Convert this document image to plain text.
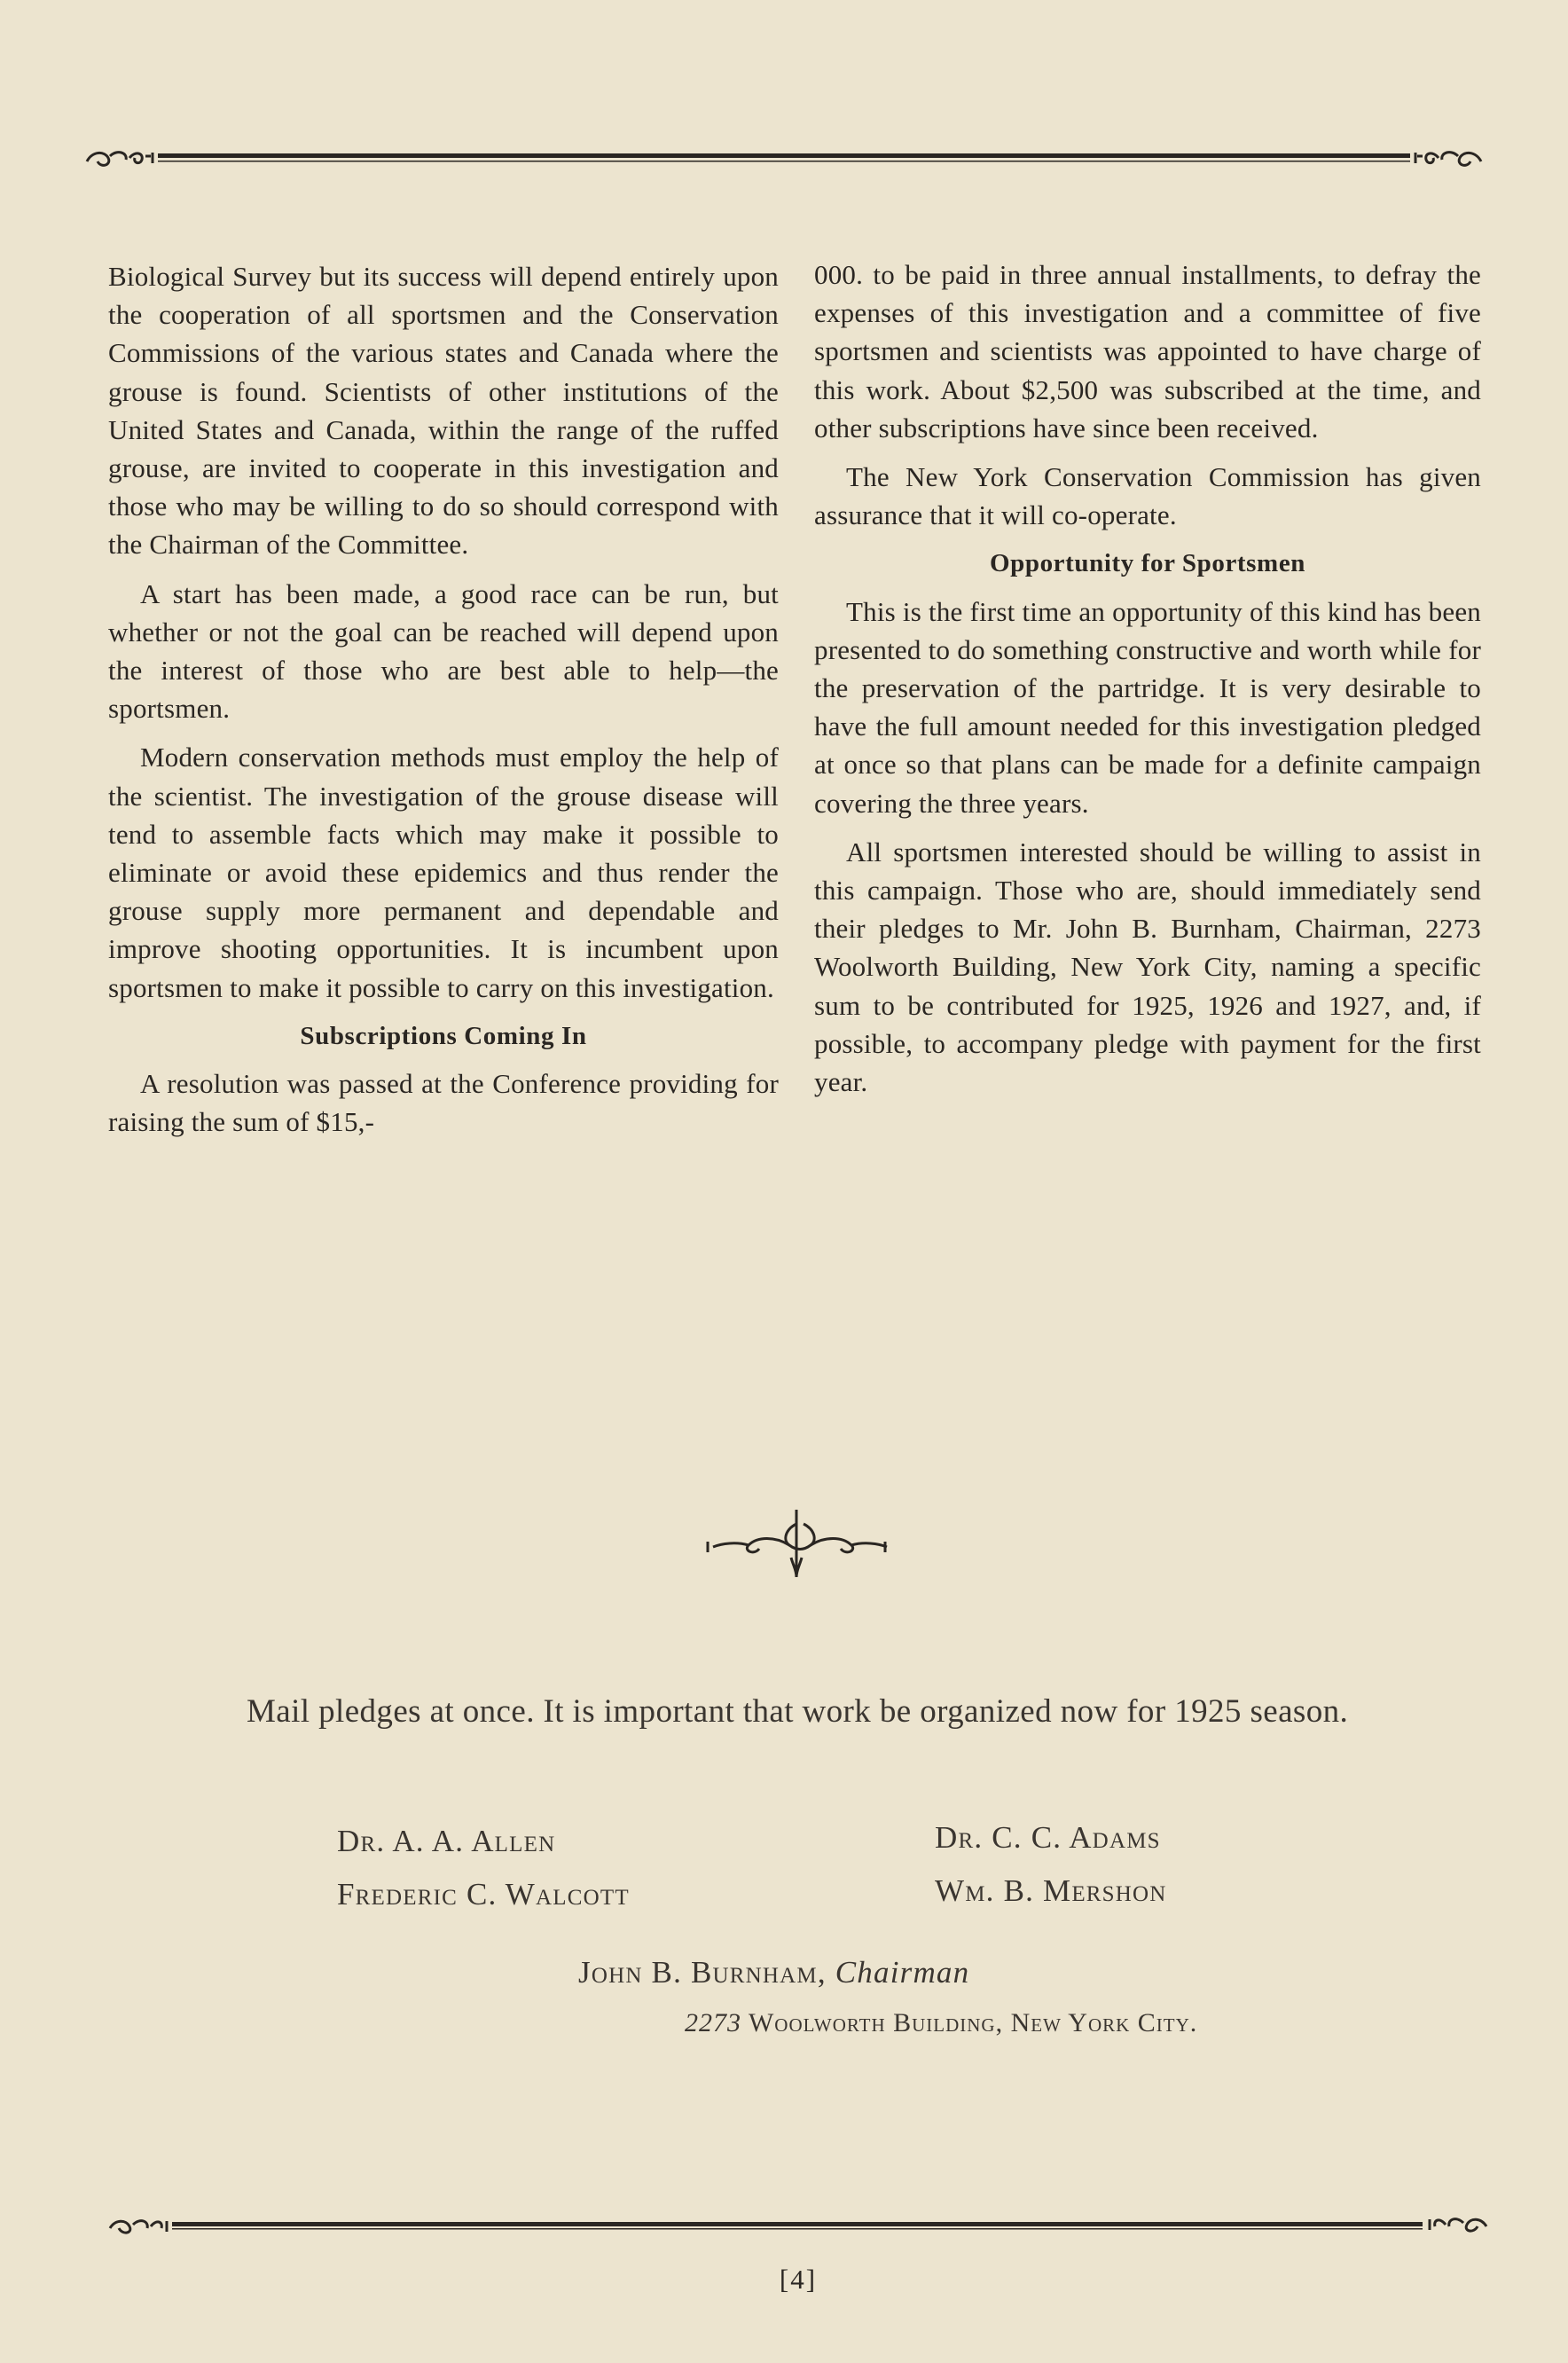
Biological Survey but its success will depend entirely upon the cooperation of all sportsmen and the Conservation Commissions of the various states and Canada where the grouse is found. Scientists of other institutions of the United States and Canada, within the range of the ruffed grouse, are invited to cooperate in this investigation and those who may be willing to do so should correspond with the Chairman of the Committee.

A start has been made, a good race can be run, but whether or not the goal can be reached will depend upon the interest of those who are best able to help—the sportsmen.

Modern conservation methods must employ the help of the scientist. The investigation of the grouse disease will tend to assemble facts which may make it possible to eliminate or avoid these epidemics and thus render the grouse supply more permanent and dependable and improve shooting opportunities. It is incumbent upon sportsmen to make it possible to carry on this investigation.

Subscriptions Coming In

A resolution was passed at the Conference providing for raising the sum of $15,-

000. to be paid in three annual installments, to defray the expenses of this investigation and a committee of five sportsmen and scientists was appointed to have charge of this work. About $2,500 was subscribed at the time, and other subscriptions have since been received.

The New York Conservation Commission has given assurance that it will co-operate.

Opportunity for Sportsmen

This is the first time an opportunity of this kind has been presented to do something constructive and worth while for the preservation of the partridge. It is very desirable to have the full amount needed for this investigation pledged at once so that plans can be made for a definite campaign covering the three years.

All sportsmen interested should be willing to assist in this campaign. Those who are, should immediately send their pledges to Mr. John B. Burnham, Chairman, 2273 Woolworth Building, New York City, naming a specific sum to be contributed for 1925, 1926 and 1927, and, if possible, to accompany pledge with payment for the first year.

Mail pledges at once. It is important that work be organized now for 1925 season.
Dr. A. A. Allen
Frederic C. Walcott
Dr. C. C. Adams
Wm. B. Mershon
John B. Burnham, Chairman
2273 Woolworth Building, New York City.
[4]
